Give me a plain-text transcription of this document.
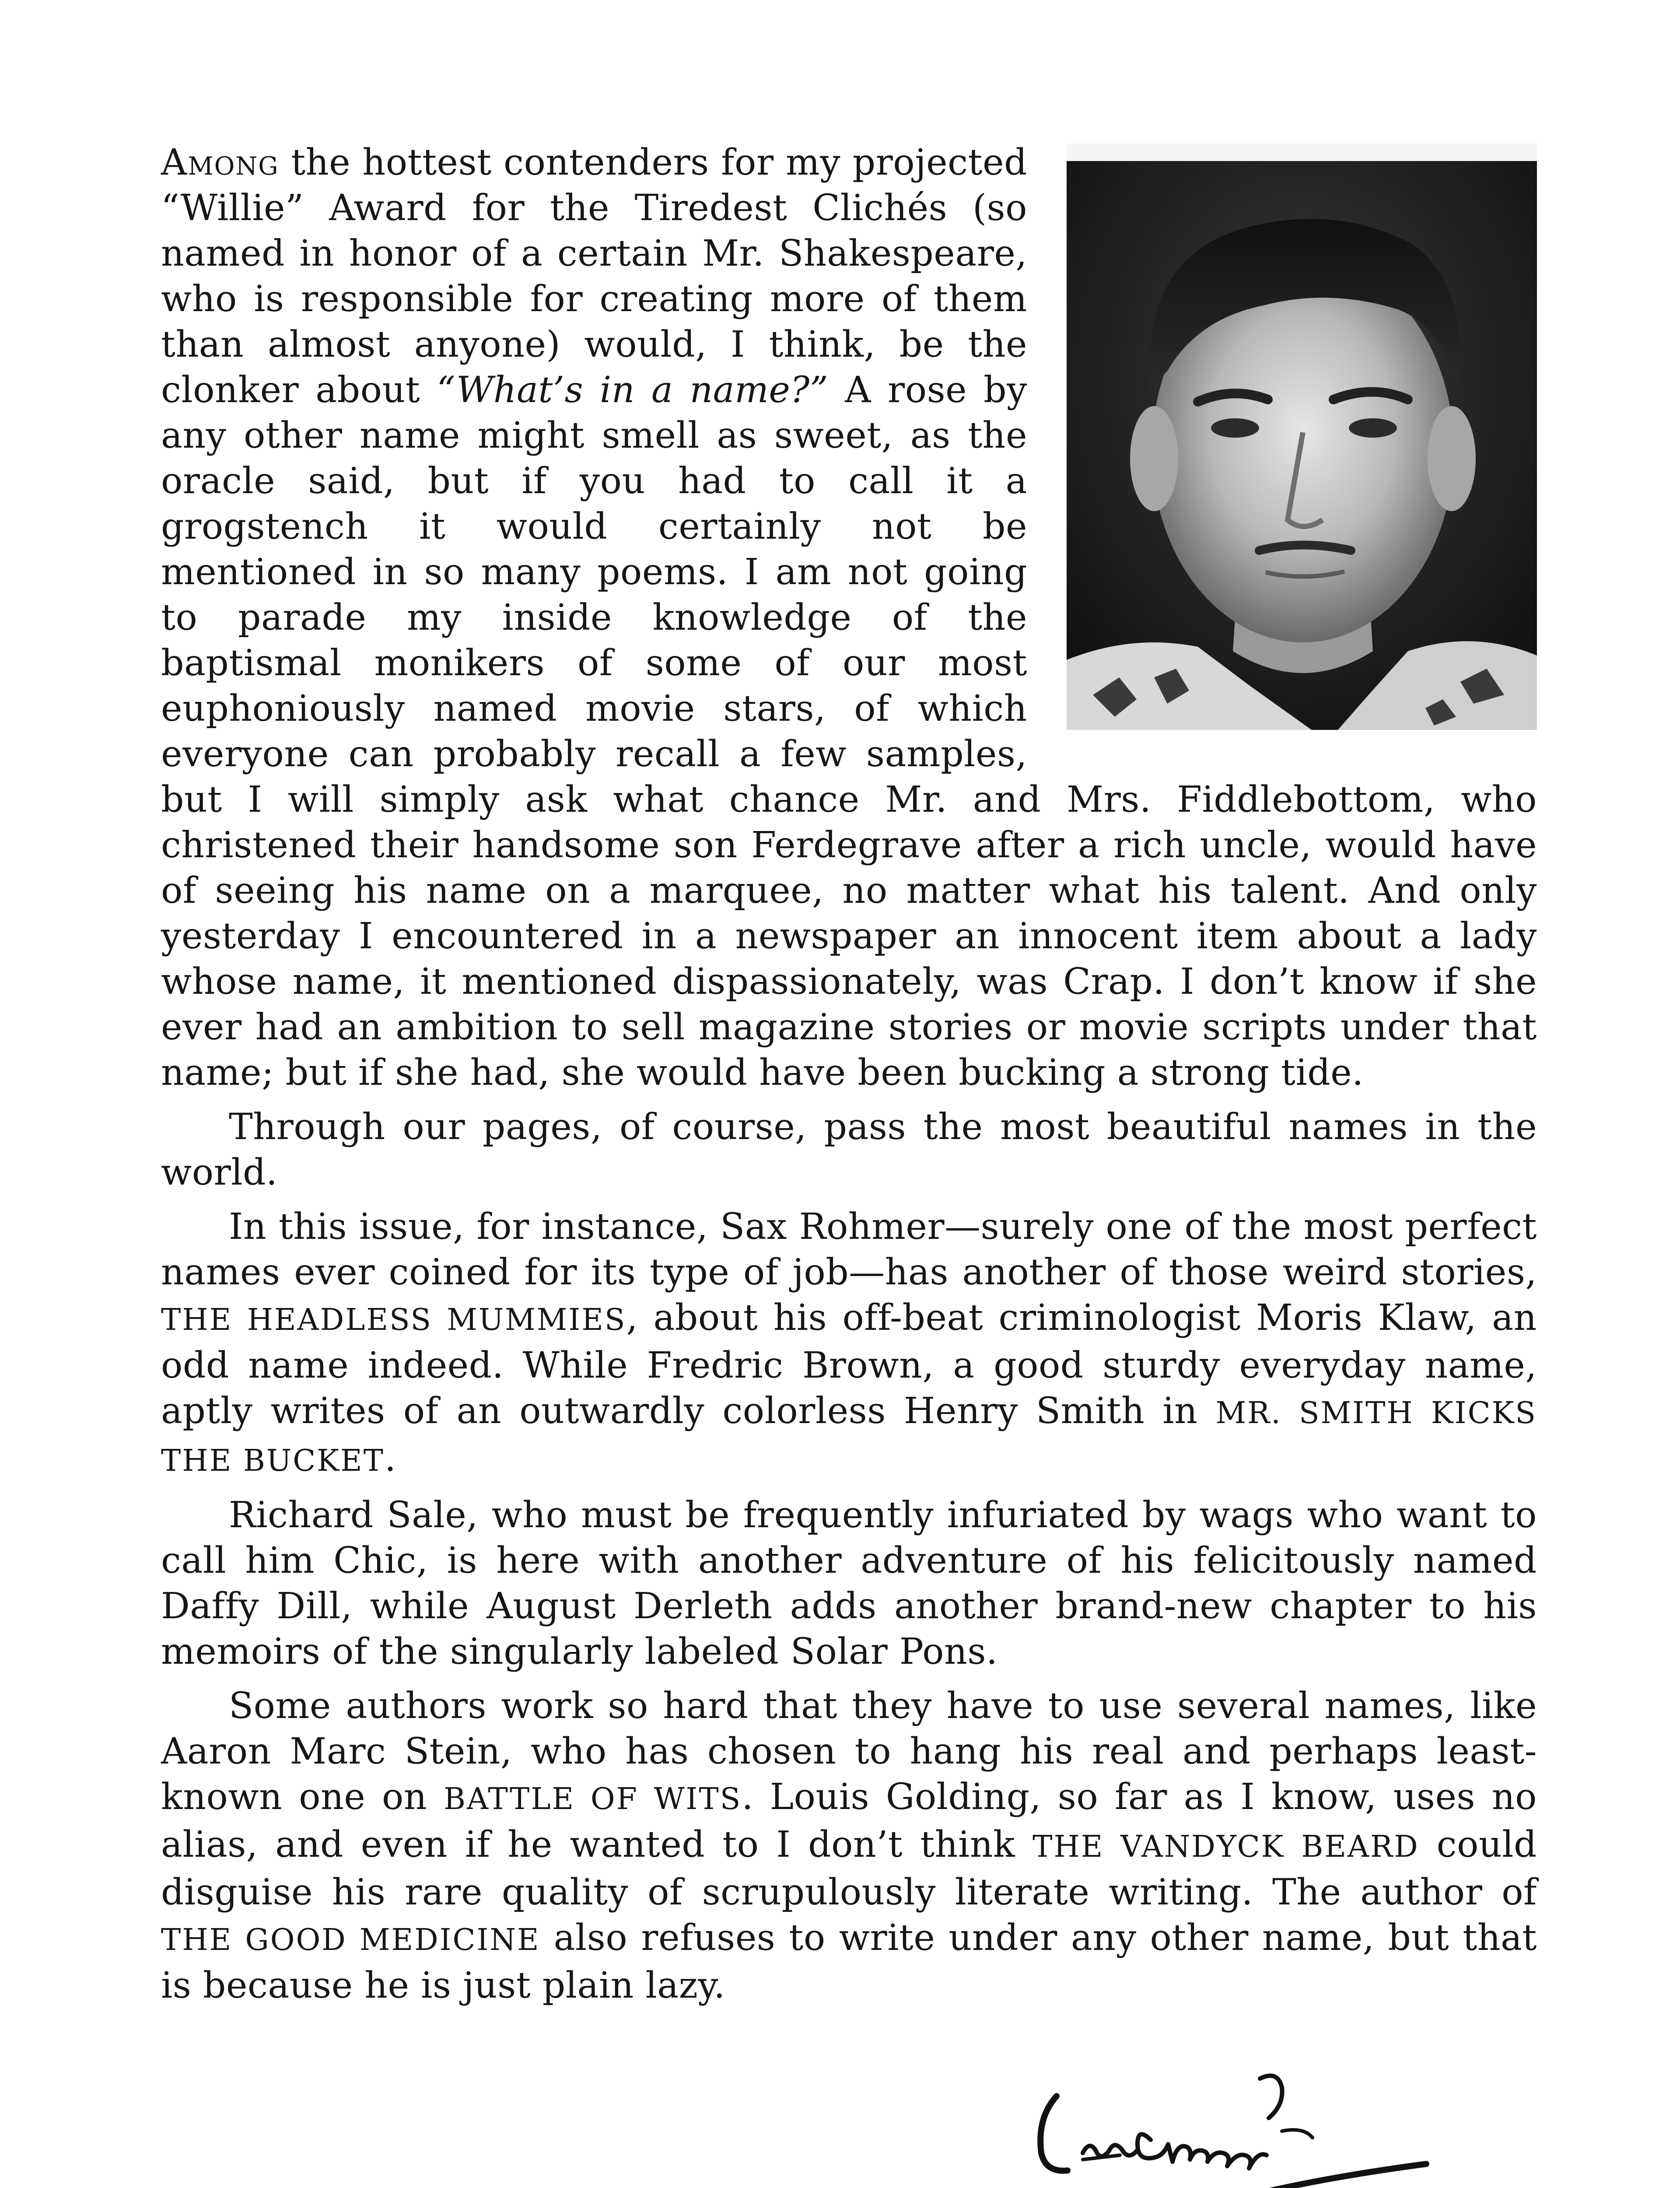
Among the hottest contenders for my projected “Willie” Award for the Tiredest Clichés (so named in honor of a certain Mr. Shakespeare, who is responsible for creating more of them than almost anyone) would, I think, be the clonker about “What’s in a name?” A rose by any other name might smell as sweet, as the oracle said, but if you had to call it a grogstench it would certainly not be mentioned in so many poems. I am not going to parade my inside knowledge of the baptismal monikers of some of our most euphoniously named movie stars, of which everyone can probably recall a few samples, but I will simply ask what chance Mr. and Mrs. Fiddlebottom, who christened their handsome son Ferdegrave after a rich uncle, would have of seeing his name on a marquee, no matter what his talent. And only yesterday I encountered in a newspaper an innocent item about a lady whose name, it mentioned dispassionately, was Crap. I don’t know if she ever had an ambition to sell magazine stories or movie scripts under that name; but if she had, she would have been bucking a strong tide.

Through our pages, of course, pass the most beautiful names in the world.

In this issue, for instance, Sax Rohmer—surely one of the most perfect names ever coined for its type of job—has another of those weird stories, THE HEADLESS MUMMIES, about his off-beat criminologist Moris Klaw, an odd name indeed. While Fredric Brown, a good sturdy everyday name, aptly writes of an outwardly colorless Henry Smith in MR. SMITH KICKS THE BUCKET.

Richard Sale, who must be frequently infuriated by wags who want to call him Chic, is here with another adventure of his felicitously named Daffy Dill, while August Derleth adds another brand-new chapter to his memoirs of the singularly labeled Solar Pons.

Some authors work so hard that they have to use several names, like Aaron Marc Stein, who has chosen to hang his real and perhaps least-known one on BATTLE OF WITS. Louis Golding, so far as I know, uses no alias, and even if he wanted to I don’t think THE VANDYCK BEARD could disguise his rare quality of scrupulously literate writing. The author of THE GOOD MEDICINE also refuses to write under any other name, but that is because he is just plain lazy.
